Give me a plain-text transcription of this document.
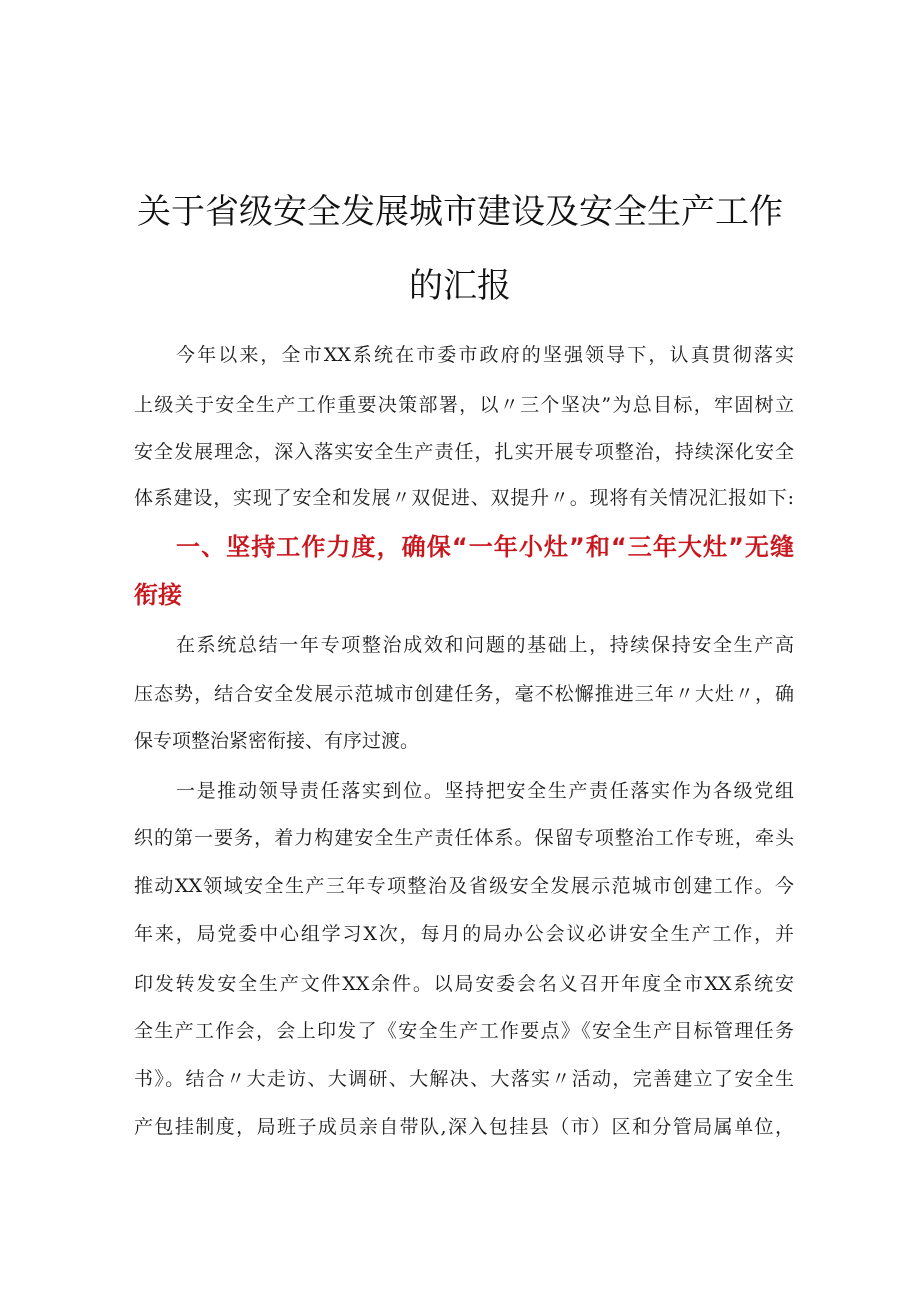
关于省级安全发展城市建设及安全生产工作
的汇报

今年以来，全市XX系统在市委市政府的坚强领导下，认真贯彻落实

上级关于安全生产工作重要决策部署，以〃三个坚决”为总目标，牢固树立

安全发展理念，深入落实安全生产责任，扎实开展专项整治，持续深化安全

体系建设，实现了安全和发展〃双促进、双提升〃。现将有关情况汇报如下:

一、坚持工作力度，确保“一年小灶”和“三年大灶”无缝
衔接

在系统总结一年专项整治成效和问题的基础上，持续保持安全生产高

压态势，结合安全发展示范城市创建任务，毫不松懈推进三年〃大灶〃，确

保专项整治紧密衔接、有序过渡。

一是推动领导责任落实到位。坚持把安全生产责任落实作为各级党组

织的第一要务，着力构建安全生产责任体系。保留专项整治工作专班，牵头

推动XX领域安全生产三年专项整治及省级安全发展示范城市创建工作。今

年来，局党委中心组学习X次，每月的局办公会议必讲安全生产工作，并

印发转发安全生产文件XX余件。以局安委会名义召开年度全市XX系统安

全生产工作会，会上印发了《安全生产工作要点》《安全生产目标管理任务

书》。结合〃大走访、大调研、大解决、大落实〃活动，完善建立了安全生

产包挂制度，局班子成员亲自带队,深入包挂县（市）区和分管局属单位，
